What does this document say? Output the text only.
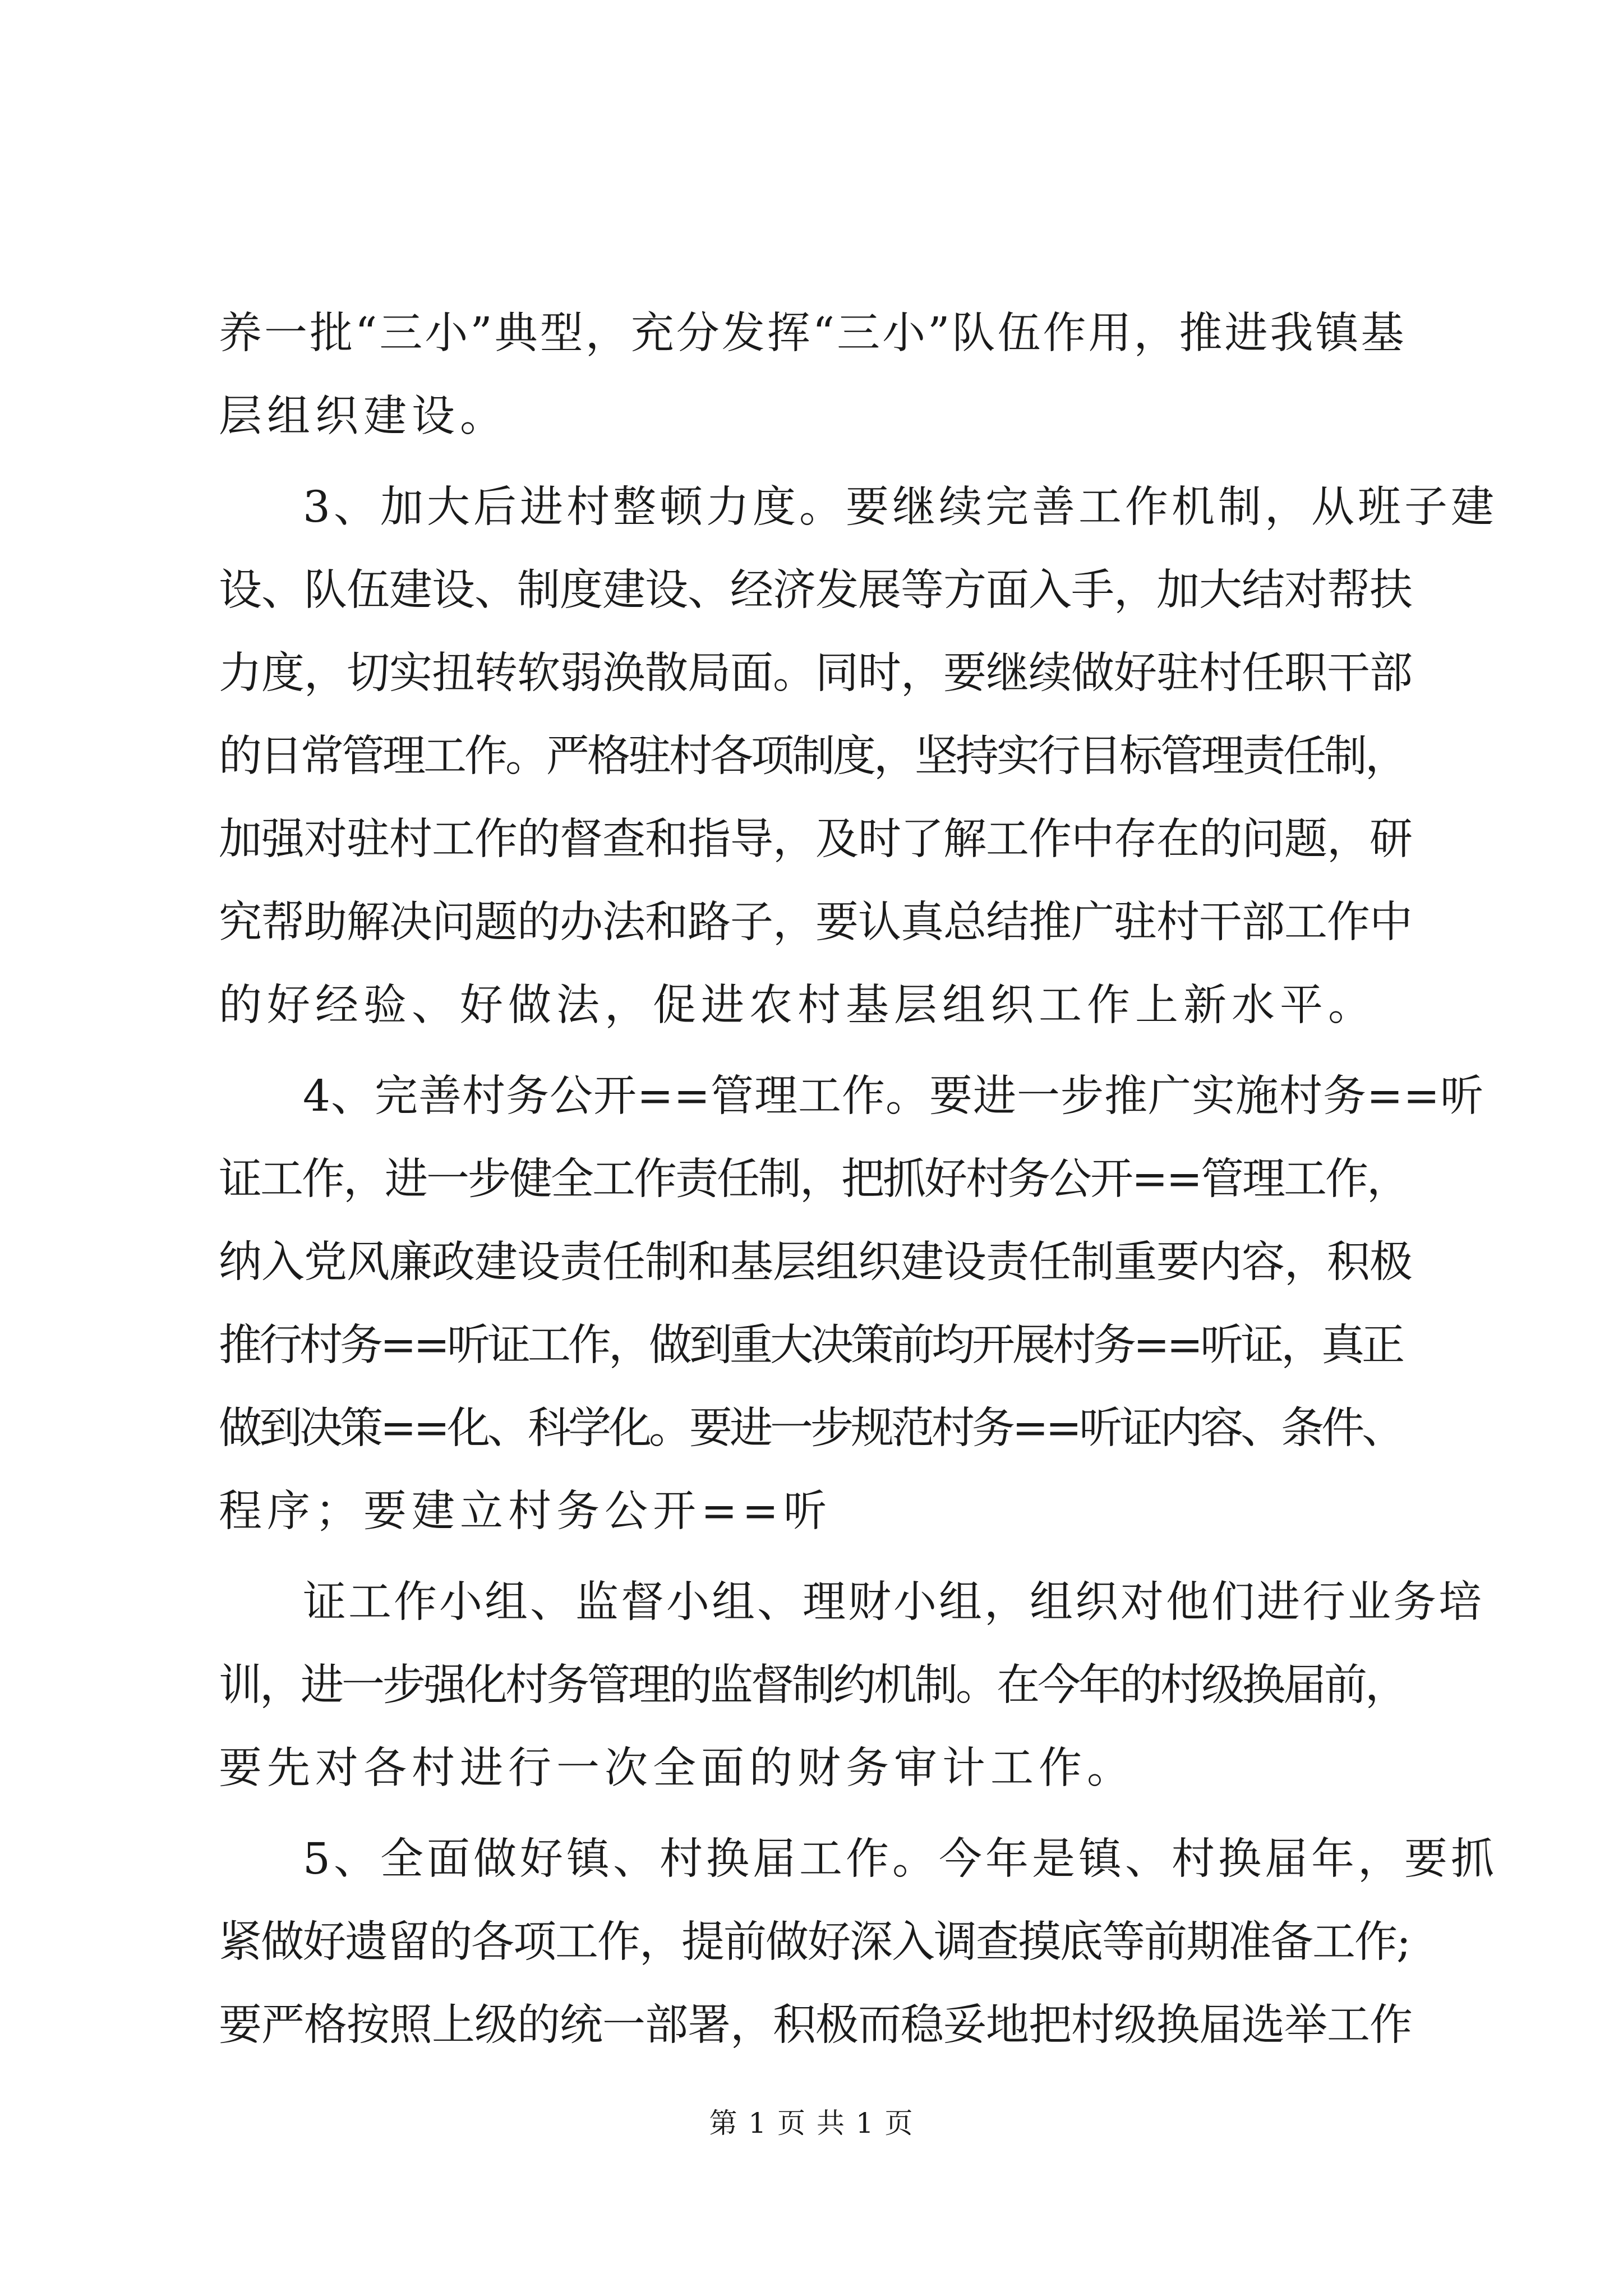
养一批“三小”典型，充分发挥“三小”队伍作用，推进我镇基
层组织建设。
3、加大后进村整顿力度。要继续完善工作机制，从班子建
设、队伍建设、制度建设、经济发展等方面入手，加大结对帮扶
力度，切实扭转软弱涣散局面。同时，要继续做好驻村任职干部
的日常管理工作。严格驻村各项制度，坚持实行目标管理责任制，
加强对驻村工作的督查和指导，及时了解工作中存在的问题，研
究帮助解决问题的办法和路子，要认真总结推广驻村干部工作中
的好经验、好做法，促进农村基层组织工作上新水平。
4、完善村务公开==管理工作。要进一步推广实施村务==听
证工作，进一步健全工作责任制，把抓好村务公开==管理工作，
纳入党风廉政建设责任制和基层组织建设责任制重要内容，积极
推行村务==听证工作，做到重大决策前均开展村务==听证，真正
做到决策==化、科学化。要进一步规范村务==听证内容、条件、
程序；要建立村务公开==听
证工作小组、监督小组、理财小组，组织对他们进行业务培
训，进一步强化村务管理的监督制约机制。在今年的村级换届前，
要先对各村进行一次全面的财务审计工作。
5、全面做好镇、村换届工作。今年是镇、村换届年，要抓
紧做好遗留的各项工作，提前做好深入调查摸底等前期准备工作;
要严格按照上级的统一部署，积极而稳妥地把村级换届选举工作
第 1 页 共 1 页
